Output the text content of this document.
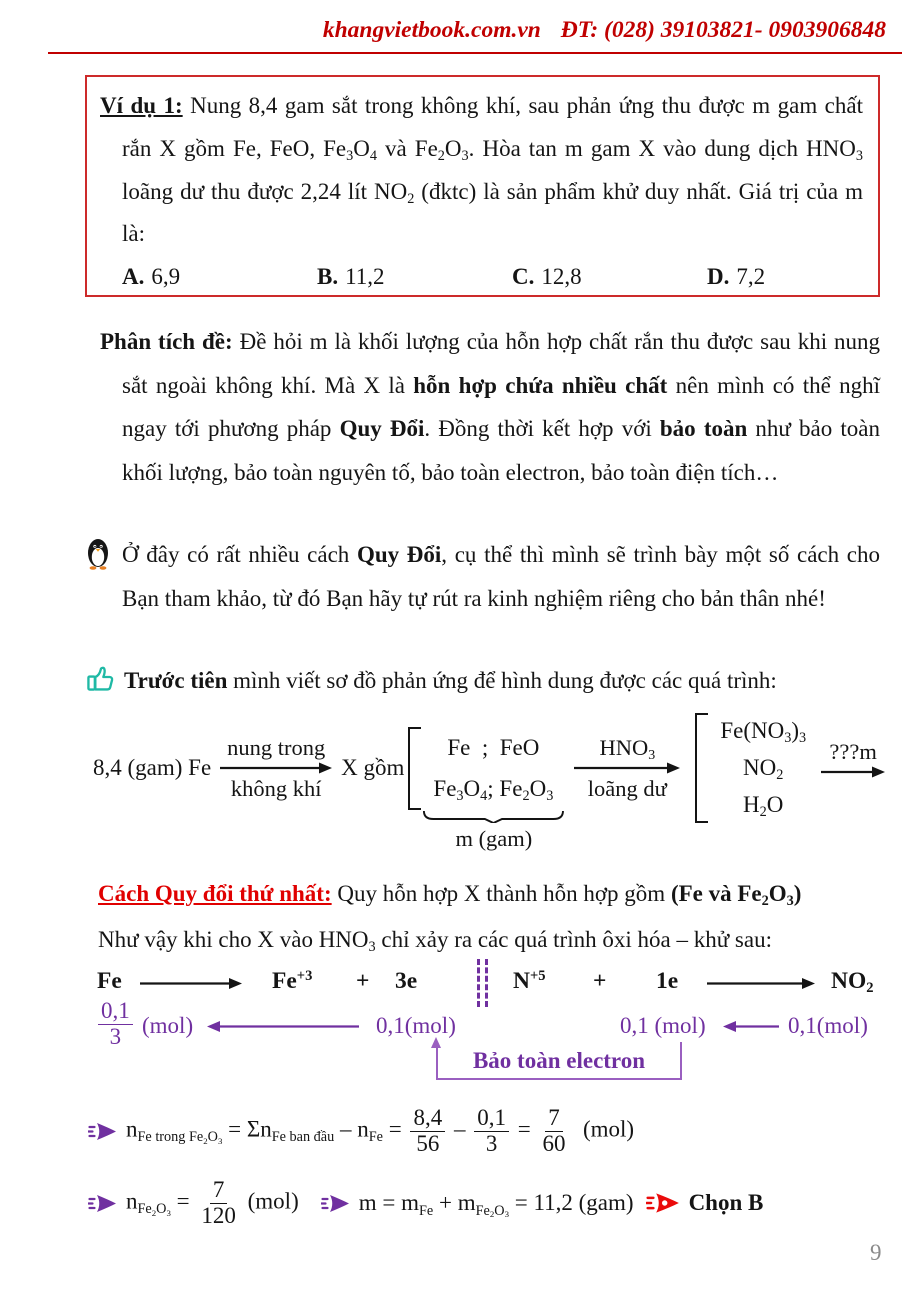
khangvietbook.com.vn ĐT: (028) 39103821- 0903906848
Ví dụ 1: Nung 8,4 gam sắt trong không khí, sau phản ứng thu được m gam chất rắn X gồm Fe, FeO, $Fe_3O_4$ và $Fe_2O_3$. Hòa tan m gam X vào dung dịch $HNO_3$ loãng dư thu được 2,24 lít $NO_2$ (đktc) là sản phẩm khử duy nhất. Giá trị của m là:
A. 6,9	B. 11,2	C. 12,8	D. 7,2
Phân tích đề: Đề hỏi m là khối lượng của hỗn hợp chất rắn thu được sau khi nung sắt ngoài không khí. Mà X là hỗn hợp chứa nhiều chất nên mình có thể nghĩ ngay tới phương pháp Quy Đổi. Đồng thời kết hợp với bảo toàn như bảo toàn khối lượng, bảo toàn nguyên tố, bảo toàn electron, bảo toàn điện tích…
Ở đây có rất nhiều cách Quy Đổi, cụ thể thì mình sẽ trình bày một số cách cho Bạn tham khảo, từ đó Bạn hãy tự rút ra kinh nghiệm riêng cho bản thân nhé!
Trước tiên mình viết sơ đồ phản ứng để hình dung được các quá trình:
8,4 (gam) Fe
nung trong
không khí
X gồm
Fe  ;  FeO
$Fe_3O_4$; $Fe_2O_3$
m (gam)
$HNO_3$
loãng dư
$Fe(NO_3)_3$
$NO_2$
$H_2O$
???m
Cách Quy đổi thứ nhất: Quy hỗn hợp X thành hỗn hợp gồm (Fe và $Fe_2O_3$)
Như vậy khi cho X vào $HNO_3$ chỉ xảy ra các quá trình ôxi hóa – khử sau:
Fe	$Fe^{+3} + 3e$	$N^{+5} + 1e$	$NO_2$
$\frac{0,1}{3} (mol)$	0,1(mol)	0,1 (mol)	0,1(mol)
Bảo toàn electron
$n_{Fe trong Fe_2O_3} = \Sigma n_{Fe ban đầu} - n_{Fe} = \frac{8,4}{56} - \frac{0,1}{3} = \frac{7}{60} (mol)$
$n_{Fe_2O_3} = \frac{7}{120} (mol)$	$m = m_{Fe} + m_{Fe_2O_3} = 11,2$ (gam) Chọn B
9
